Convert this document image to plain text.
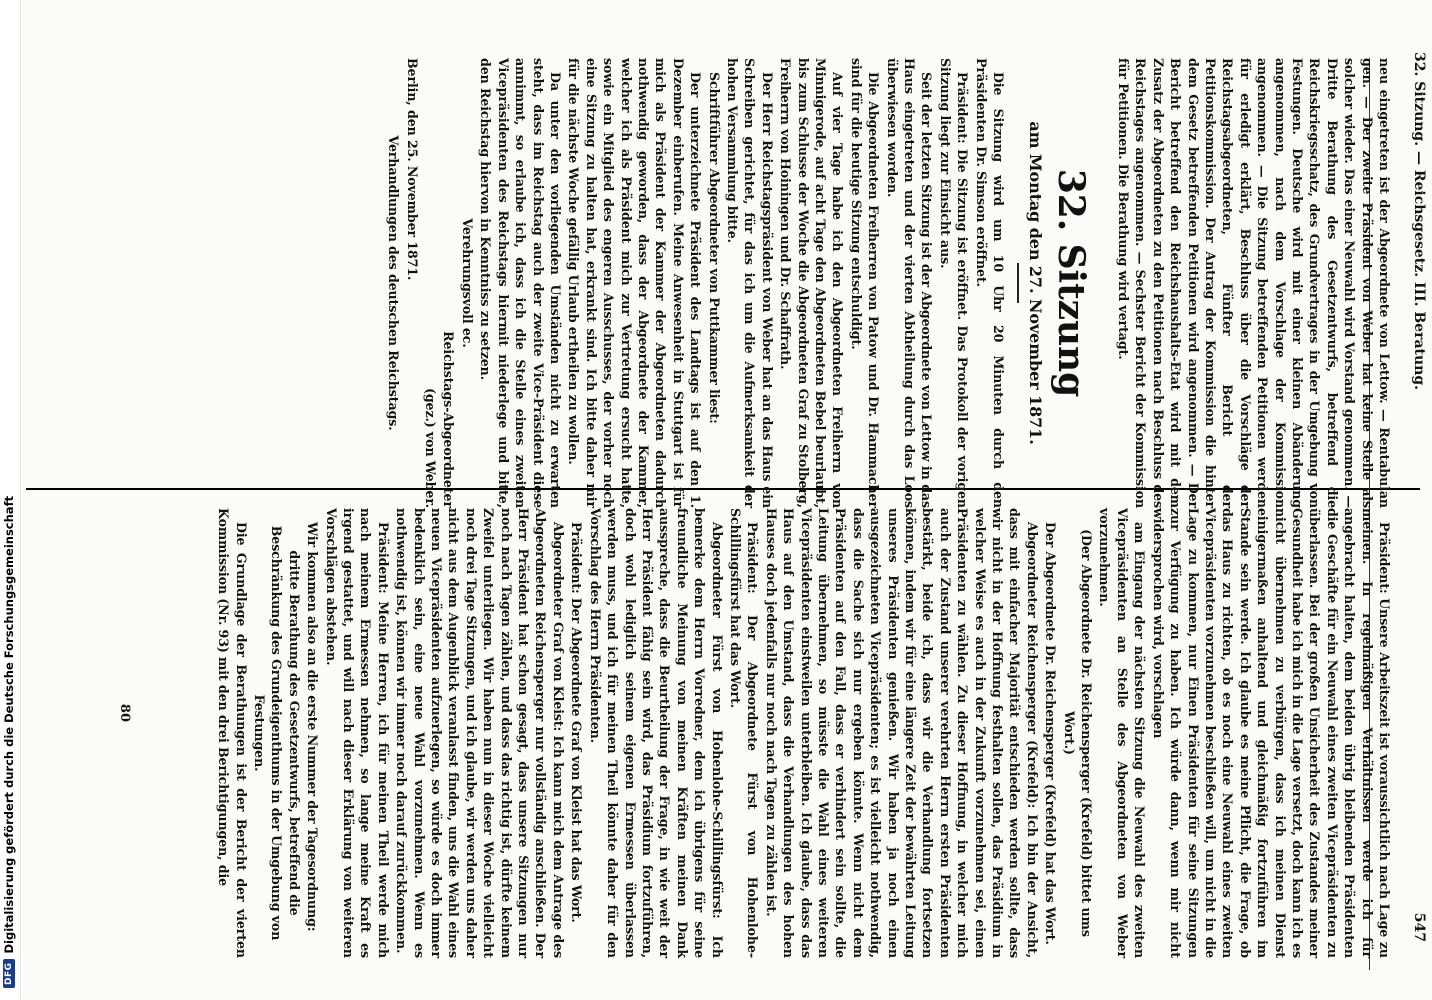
DFG
Digitalisierung gefördert durch die Deutsche Forschungsgemeinschaft
32. Sitzung. — Reichsgesetz. III. Beratung.
547

neu eingetreten ist der Abgeordnete von Lettow. — Rentabulan gen. — Der zweite Präsident von Weber hat keine Stelle als solcher wieder. Das einer Neuwahl wird Vorstand genommen. — Dritte Berathung des Gesetzentwurfs, betreffend die Reichskriegsschatz, des Grundvertrages in der Umgebung von Festungen. Deutsche wird mit einer kleinen Abänderung angenommen, nach dem Vorschlage der Kommission angenommen. — Die Sitzung betreffenden Petitionen werden für erledigt erklärt, Beschluss über die Vorschläge der Reichstagsabgeordneten, Fünfter Bericht der Petitionskommission. Der Antrag der Kommission die hinter dem Gesetz betreffenden Petitionen wird angenommen. — Der Bericht betreffend den Reichshaushalts-Etat wird mit dem Zusatz der Abgeordneten zu den Petitionen nach Beschluss des Reichstages angenommen. — Sechster Bericht der Kommission für Petitionen. Die Berathung wird vertagt.

32. Sitzung
am Montag den 27. November 1871.

Die Sitzung wird um 10 Uhr 20 Minuten durch den Präsidenten Dr. Simson eröffnet.

Präsident: Die Sitzung ist eröffnet. Das Protokoll der vorigen Sitzung liegt zur Einsicht aus.

Seit der letzten Sitzung ist der Abgeordnete von Lettow in das Haus eingetreten und der vierten Abtheilung durch das Loos überwiesen worden.

Die Abgeordneten Freiherren von Patow und Dr. Hammacher sind für die heutige Sitzung entschuldigt.

Auf vier Tage habe ich den Abgeordneten Freiherrn von Minnigerode, auf acht Tage den Abgeordneten Bebel beurlaubt, bis zum Schlusse der Woche die Abgeordneten Graf zu Stolberg, Freiherrn von Hoiningen und Dr. Schaffrath.

Der Herr Reichstagspräsident von Weber hat an das Haus ein Schreiben gerichtet, für das ich um die Aufmerksamkeit der hohen Versammlung bitte.

Schriftführer Abgeordneter von Puttkammer liest:

Der unterzeichnete Präsident des Landtags ist auf den 1. Dezember einberufen. Meine Anwesenheit in Stuttgart ist für mich als Präsident der Kammer der Abgeordneten dadurch nothwendig geworden, dass der Abgeordnete der Kammer, welcher ich als Präsident mich zur Vertretung ersucht hatte, sowie ein Mitglied des engeren Ausschusses, der vorher noch eine Sitzung zu halten hat, erkrankt sind. Ich bitte daher mir für die nächste Woche gefällig Urlaub ertheilen zu wollen.

Da unter den vorliegenden Umständen nicht zu erwarten steht, dass im Reichstag auch der zweite Vice-Präsident diese annimmt, so erlaube ich, dass ich die Stelle eines zweiten Vicepräsidenten des Reichstags hiermit niederlege und bitte, den Reichstag hiervon in Kenntniss zu setzen.

Verehrungsvoll ec.

Reichstags-Abgeordneter

(gez.) von Weber.

Berlin, den 25. November 1871.

Verhandlungen des deutschen Reichstags.

Präsident: Unsere Arbeitszeit ist voraussichtlich nach Lage zu meinen. In regelmäßigen Verhältnissen werde ich für angebracht halten, dem beiden übrig bleibenden Präsidenten die Geschäfte für ein Neuwahl eines zweiten Vicepräsidenten zu überlassen. Bei der großen Unsicherheit des Zustandes meiner Gesundheit habe ich mich in die Lage versetzt, doch kann ich es nicht übernehmen zu verbürgen, dass ich meinen Dienst einigermaßen anhaltend und gleichmäßig fortzuführen im Stande sein werde. Ich glaube es meine Pflicht, die Frage, ob das Haus zu richten, ob es noch eine Neuwahl eines zweiten Vicepräsidenten vorzunehmen beschließen will, um nicht in die Lage zu kommen, nur Einen Präsidenten für seine Sitzungen zur Verfügung zu haben. Ich würde dann, wenn mir nicht widersprochen wird, vorschlagen

am Eingang der nächsten Sitzung die Neuwahl des zweiten Vicepräsidenten an Stelle des Abgeordneten von Weber vorzunehmen.

(Der Abgeordnete Dr. Reichensperger (Krefeld) bittet ums Wort.)

Der Abgeordnete Dr. Reichensperger (Krefeld) hat das Wort.

Abgeordneter Reichensperger (Krefeld): Ich bin der Ansicht, dass mit einfacher Majorität entschieden werden sollte, dass wir nicht in der Hoffnung festhalten sollen, das Präsidium in welcher Weise es auch in der Zukunft vorzunehmen sei, einen Präsidenten zu wählen. Zu dieser Hoffnung, in welcher mich auch der Zustand unserer verehrten Herrn ersten Präsidenten bestärkt, beide ich, dass wir die Verhandlung fortsetzen können, indem wir für eine längere Zeit der bewährten Leitung unseres Präsidenten genießen. Wir haben ja noch einen ausgezeichneten Vicepräsidenten; es ist vielleicht nothwendig, dass die Sache sich nur ergeben könnte. Wenn nicht dem Präsidenten auf den Fall, dass er verhindert sein sollte, die Leitung übernehmen, so müsste die Wahl eines weiteren Vicepräsidenten einstweilen unterbleiben. Ich glaube, dass das Haus auf den Umstand, dass die Verhandlungen des hohen Hauses doch jedenfalls nur noch nach Tagen zu zählen ist.

Präsident: Der Abgeordnete Fürst von Hohenlohe-Schillingsfürst hat das Wort.

Abgeordneter Fürst von Hohenlohe-Schillingsfürst: Ich bemerke dem Herrn Vorredner, dem ich übrigens für seine freundliche Meinung von meinen Kräften meinen Dank ausspreche, dass die Beurtheilung der Frage, in wie weit der Herr Präsident fähig sein wird, das Präsidium fortzuführen, doch wohl lediglich seinem eigenen Ermessen überlassen werden muss, und ich für meinen Theil könnte daher für den Vorschlag des Herrn Präsidenten.

Präsident: Der Abgeordnete Graf von Kleist hat das Wort.

Abgeordneter Graf von Kleist: Ich kann mich dem Antrage des Abgeordneten Reichensperger nur vollständig anschließen. Der Herr Präsident hat schon gesagt, dass unsere Sitzungen nur noch nach Tagen zählen, und dass das richtig ist, dürfte keinem Zweifel unterliegen. Wir haben nun in dieser Woche vielleicht noch drei Tage Sitzungen, und ich glaube, wir werden uns daher nicht aus dem Augenblick veranlasst finden, uns die Wahl eines neuen Vicepräsidenten aufzuerlegen, so würde es doch immer bedenklich sein, eine neue Wahl vorzunehmen. Wenn es nothwendig ist, können wir immer noch darauf zurückkommen.

Präsident: Meine Herren, ich für meinen Theil werde mich nach meinem Ermessen nehmen, so lange meine Kraft es irgend gestattet, und will nach dieser Erklärung von weiteren Vorschlägen abstehen.

Wir kommen also an die erste Nummer der Tagesordnung:

dritte Berathung des Gesetzentwurfs, betreffend die Beschränkung des Grundeigenthums in der Umgebung von Festungen.

Die Grundlage der Berathungen ist der Bericht der vierten Kommission (Nr. 93) mit den drei Berichtigungen, die

80
